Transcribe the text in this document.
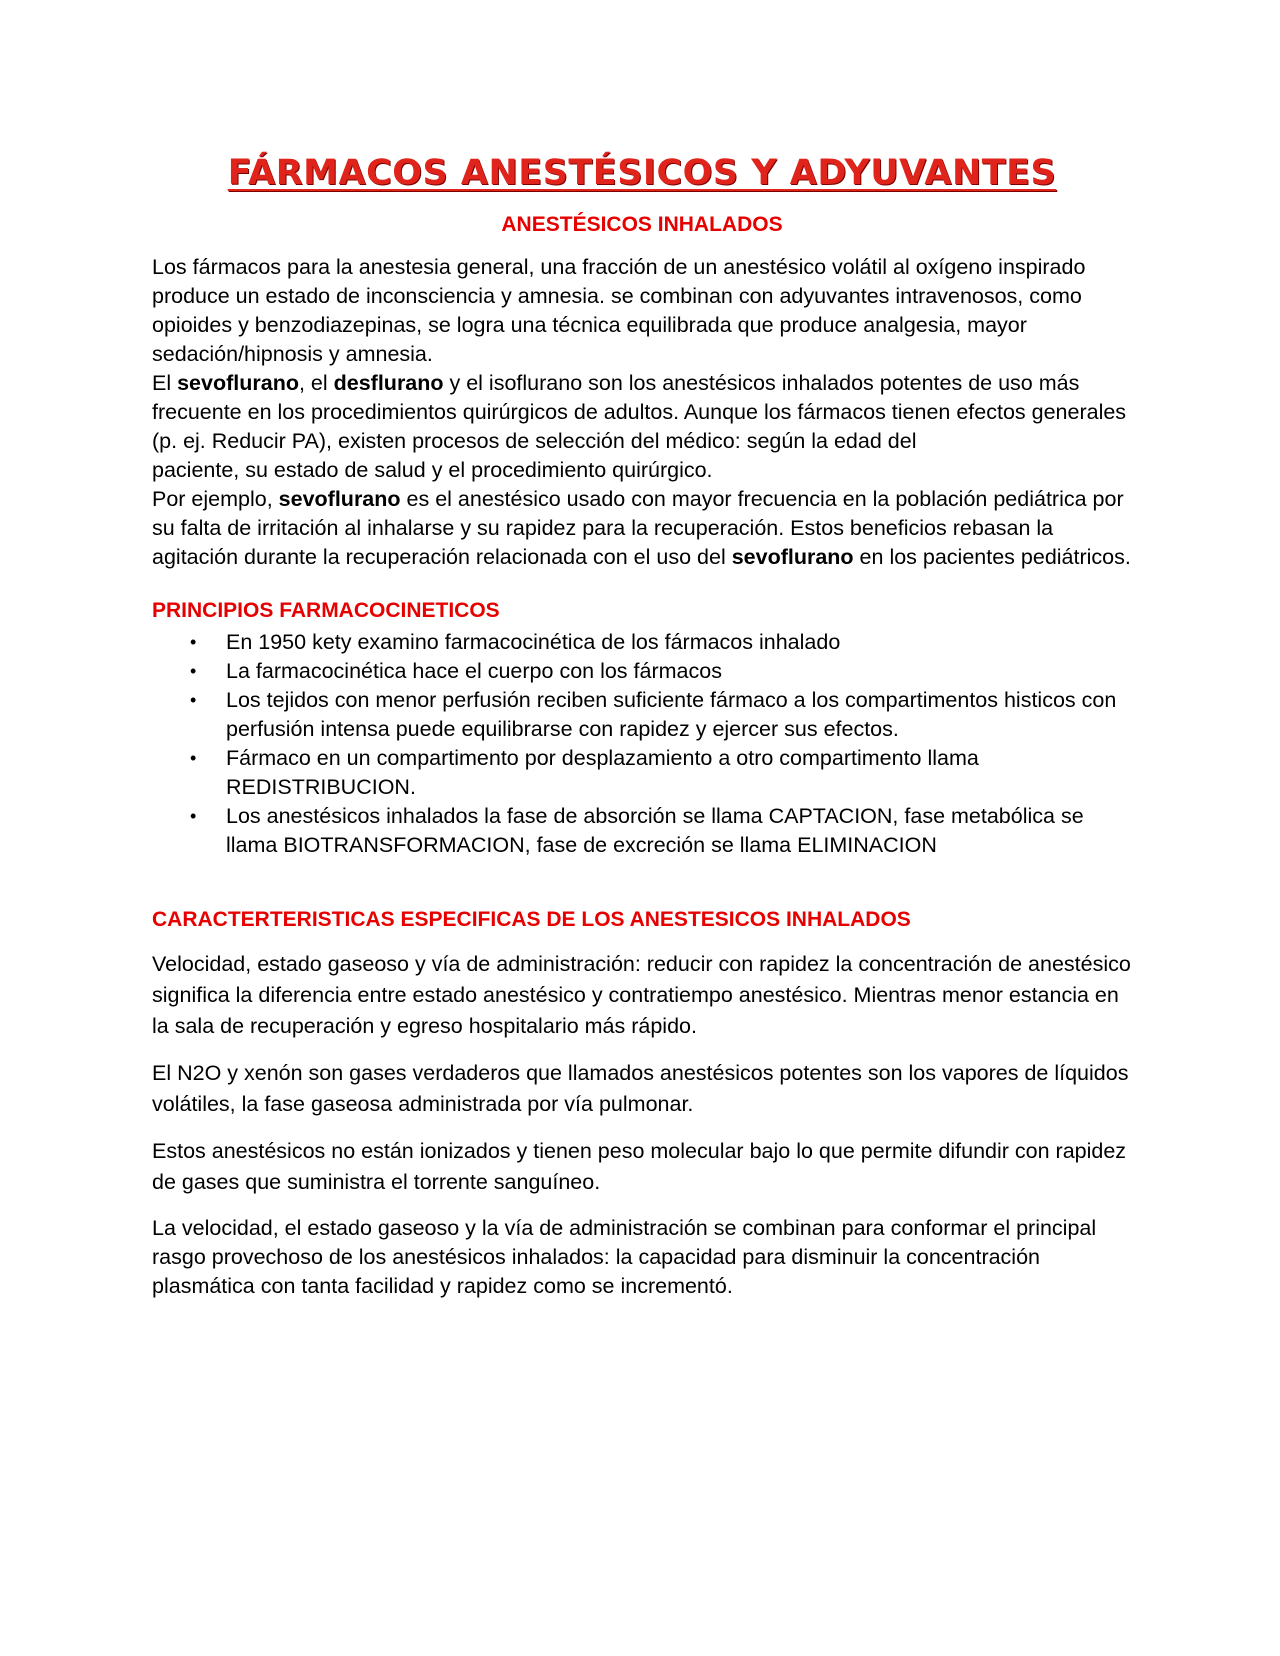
FÁRMACOS ANESTÉSICOS Y ADYUVANTES
ANESTÉSICOS INHALADOS

Los fármacos para la anestesia general, una fracción de un anestésico volátil al oxígeno inspirado produce un estado de inconsciencia y amnesia. se combinan con adyuvantes intravenosos, como opioides y benzodiazepinas, se logra una técnica equilibrada que produce analgesia, mayor sedación/hipnosis y amnesia.

El sevoflurano, el desflurano y el isoflurano son los anestésicos inhalados potentes de uso más frecuente en los procedimientos quirúrgicos de adultos. Aunque los fármacos tienen efectos generales (p. ej. Reducir PA), existen procesos de selección del médico: según la edad del

paciente, su estado de salud y el procedimiento quirúrgico.

Por ejemplo, sevoflurano es el anestésico usado con mayor frecuencia en la población pediátrica por su falta de irritación al inhalarse y su rapidez para la recuperación. Estos beneficios rebasan la agitación durante la recuperación relacionada con el uso del sevoflurano en los pacientes pediátricos.

PRINCIPIOS FARMACOCINETICOS
• En 1950 kety examino farmacocinética de los fármacos inhalado
• La farmacocinética hace el cuerpo con los fármacos
• Los tejidos con menor perfusión reciben suficiente fármaco a los compartimentos histicos con perfusión intensa puede equilibrarse con rapidez y ejercer sus efectos.
• Fármaco en un compartimento por desplazamiento a otro compartimento llama REDISTRIBUCION.
• Los anestésicos inhalados la fase de absorción se llama CAPTACION, fase metabólica se llama BIOTRANSFORMACION, fase de excreción se llama ELIMINACION
CARACTERTERISTICAS ESPECIFICAS DE LOS ANESTESICOS INHALADOS

Velocidad, estado gaseoso y vía de administración: reducir con rapidez la concentración de anestésico significa la diferencia entre estado anestésico y contratiempo anestésico. Mientras menor estancia en la sala de recuperación y egreso hospitalario más rápido.

El N2O y xenón son gases verdaderos que llamados anestésicos potentes son los vapores de líquidos volátiles, la fase gaseosa administrada por vía pulmonar.

Estos anestésicos no están ionizados y tienen peso molecular bajo lo que permite difundir con rapidez de gases que suministra el torrente sanguíneo.

La velocidad, el estado gaseoso y la vía de administración se combinan para conformar el principal rasgo provechoso de los anestésicos inhalados: la capacidad para disminuir la concentración plasmática con tanta facilidad y rapidez como se incrementó.
